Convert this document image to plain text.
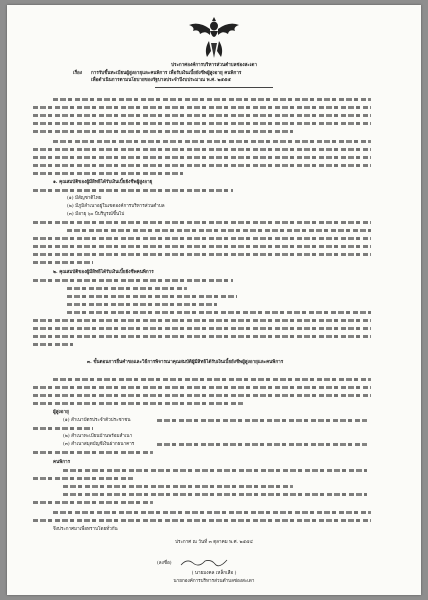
ประกาศองค์การบริหารส่วนตำบลช่องสะเดา
เรื่อง การรับขึ้นทะเบียนผู้สูงอายุและคนพิการ เพื่อรับเงินเบี้ยยังชีพผู้สูงอายุ คนพิการ
เพื่อดำเนินการตามนโยบายของรัฐบาลประจำปีงบประมาณ พ.ศ. ๒๕๕๕
๑. คุณสมบัติของผู้มีสิทธิได้รับเงินเบี้ยยังชีพผู้สูงอายุ
(๑) มีสัญชาติไทย
(๒) มีภูมิลำเนาอยู่ในเขตองค์การบริหารส่วนตำบล
(๓) มีอายุ ๖๐ ปีบริบูรณ์ขึ้นไป
๒. คุณสมบัติของผู้มีสิทธิได้รับเงินเบี้ยยังชีพคนพิการ
๓. ขั้นตอนการยื่นคำขอและวิธีการพิจารณาคุณสมบัติผู้มีสิทธิได้รับเงินเบี้ยยังชีพผู้สูงอายุและคนพิการ
ผู้สูงอายุ
(๑) สำเนาบัตรประจำตัวประชาชน
(๒) สำเนาทะเบียนบ้านพร้อมสำเนา
(๓) สำเนาสมุดบัญชีเงินฝากธนาคาร
คนพิการ
จึงประกาศมาเพื่อทราบโดยทั่วกัน
ประกาศ ณ วันที่ ๓ ตุลาคม พ.ศ. ๒๕๕๔
(ลงชื่อ)
( นายมงคล เหล็กเสือ )
นายกองค์การบริหารส่วนตำบลช่องสะเดา
